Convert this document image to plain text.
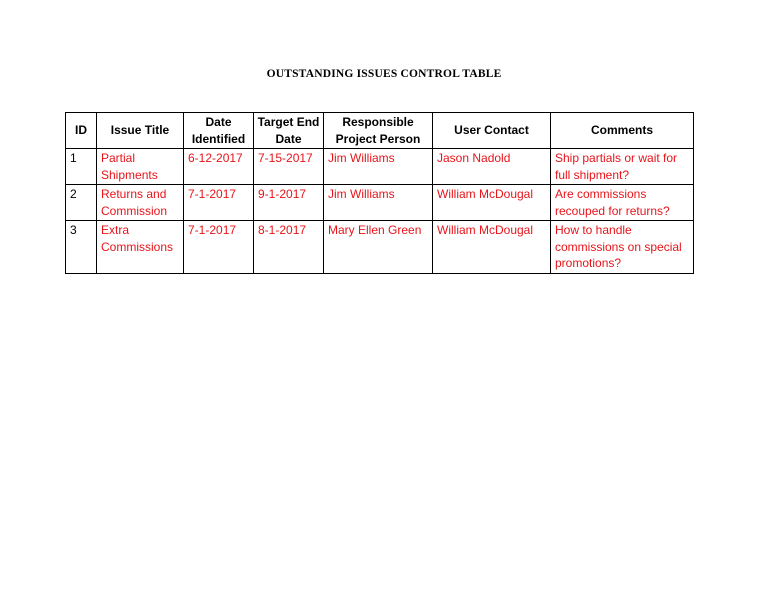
OUTSTANDING ISSUES CONTROL TABLE
ID	Issue Title	Date Identified	Target End Date	Responsible Project Person	User Contact	Comments
1	Partial Shipments	6-12-2017	7-15-2017	Jim Williams	Jason Nadold	Ship partials or wait for full shipment?
2	Returns and Commission	7-1-2017	9-1-2017	Jim Williams	William McDougal	Are commissions recouped for returns?
3	Extra Commissions	7-1-2017	8-1-2017	Mary Ellen Green	William McDougal	How to handle commissions on special promotions?
